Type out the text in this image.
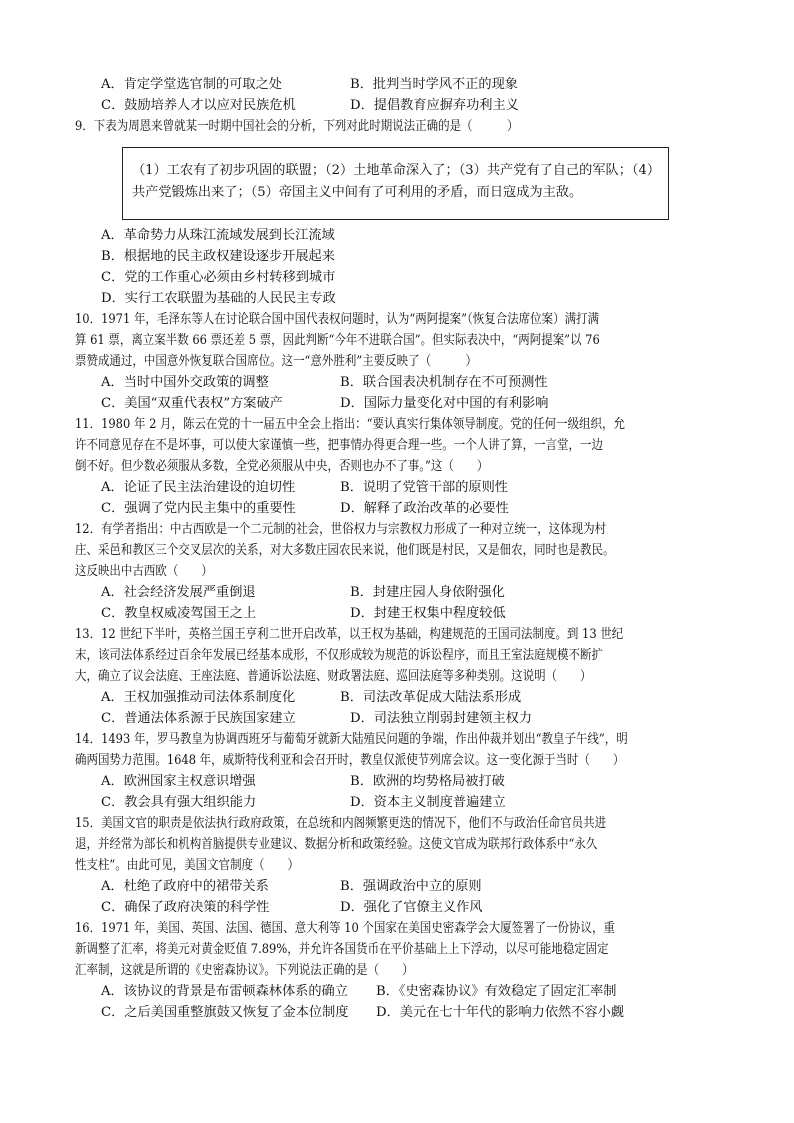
A．肯定学堂选官制的可取之处	B．批判当时学风不正的现象
C．鼓励培养人才以应对民族危机	D．提倡教育应摒弃功利主义
9．下表为周恩来曾就某一时期中国社会的分析，下列对此时期说法正确的是（　　　）
（1）工农有了初步巩固的联盟；（2）土地革命深入了；（3）共产党有了自己的军队；（4）
共产党锻炼出来了；（5）帝国主义中间有了可利用的矛盾，而日寇成为主敌。
A．革命势力从珠江流域发展到长江流域
B．根据地的民主政权建设逐步开展起来
C．党的工作重心必须由乡村转移到城市
D．实行工农联盟为基础的人民民主专政
10．1971 年，毛泽东等人在讨论联合国中国代表权问题时，认为“两阿提案”（恢复合法席位案）满打满
算 61 票，离立案半数 66 票还差 5 票，因此判断“今年不进联合国”。但实际表决中，“两阿提案”以 76
票赞成通过，中国意外恢复联合国席位。这一“意外胜利”主要反映了（　　　）
A．当时中国外交政策的调整	B．联合国表决机制存在不可预测性
C．美国“双重代表权”方案破产	D．国际力量变化对中国的有利影响
11．1980 年 2 月，陈云在党的十一届五中全会上指出：“要认真实行集体领导制度。党的任何一级组织，允
许不同意见存在不是坏事，可以使大家谨慎一些，把事情办得更合理一些。一个人讲了算，一言堂，一边
倒不好。但少数必须服从多数，全党必须服从中央，否则也办不了事。”这（　　）
A．论证了民主法治建设的迫切性	B．说明了党管干部的原则性
C．强调了党内民主集中的重要性	D．解释了政治改革的必要性
12．有学者指出：中古西欧是一个二元制的社会，世俗权力与宗教权力形成了一种对立统一，这体现为村
庄、采邑和教区三个交叉层次的关系，对大多数庄园农民来说，他们既是村民，又是佃农，同时也是教民。
这反映出中古西欧（　　）
A．社会经济发展严重倒退	B．封建庄园人身依附强化
C．教皇权威凌驾国王之上	D．封建王权集中程度较低
13．12 世纪下半叶，英格兰国王亨利二世开启改革，以王权为基础，构建规范的王国司法制度。到 13 世纪
末，该司法体系经过百余年发展已经基本成形，不仅形成较为规范的诉讼程序，而且王室法庭规模不断扩
大，确立了议会法庭、王座法庭、普通诉讼法庭、财政署法庭、巡回法庭等多种类别。这说明（　　）
A．王权加强推动司法体系制度化	B．司法改革促成大陆法系形成
C．普通法体系源于民族国家建立	D．司法独立削弱封建领主权力
14．1493 年，罗马教皇为协调西班牙与葡萄牙就新大陆殖民问题的争端，作出仲裁并划出“教皇子午线”，明
确两国势力范围。1648 年，威斯特伐利亚和会召开时，教皇仅派使节列席会议。这一变化源于当时（　　）
A．欧洲国家主权意识增强	B．欧洲的均势格局被打破
C．教会具有强大组织能力	D．资本主义制度普遍建立
15．美国文官的职责是依法执行政府政策，在总统和内阁频繁更迭的情况下，他们不与政治任命官员共进
退，并经常为部长和机构首脑提供专业建议、数据分析和政策经验。这使文官成为联邦行政体系中“永久
性支柱”。由此可见，美国文官制度（　　）
A．杜绝了政府中的裙带关系	B．强调政治中立的原则
C．确保了政府决策的科学性	D．强化了官僚主义作风
16．1971 年，美国、英国、法国、德国、意大利等 10 个国家在美国史密森学会大厦签署了一份协议，重
新调整了汇率，将美元对黄金贬值 7.89%，并允许各国货币在平价基础上上下浮动，以尽可能地稳定固定
汇率制，这就是所谓的《史密森协议》。下列说法正确的是（　　）
A．该协议的背景是布雷顿森林体系的确立 B．《史密森协议》有效稳定了固定汇率制
C．之后美国重整旗鼓又恢复了金本位制度 D．美元在七十年代的影响力依然不容小觑
